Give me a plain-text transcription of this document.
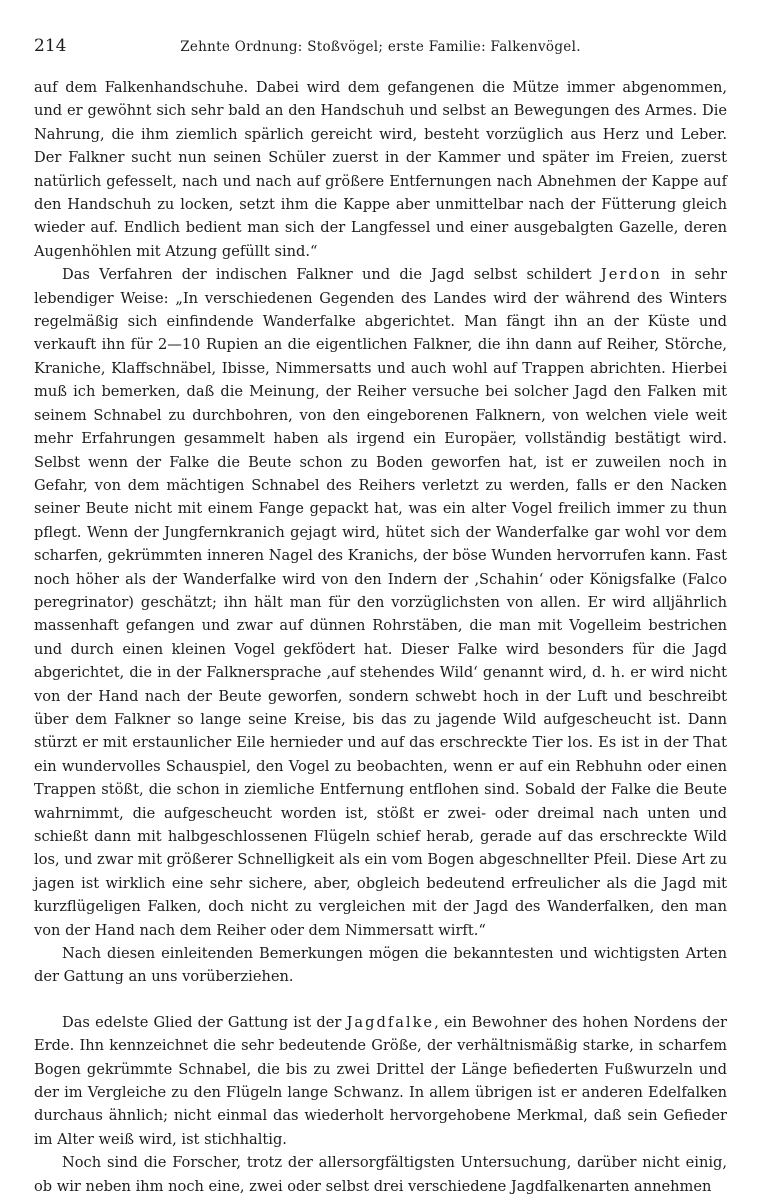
214	Zehnte Ordnung: Stoßvögel; erste Familie: Falkenvögel.

auf dem Falkenhandschuhe. Dabei wird dem gefangenen die Mütze immer abgenommen, und er gewöhnt sich sehr bald an den Handschuh und selbst an Bewegungen des Armes. Die Nahrung, die ihm ziemlich spärlich gereicht wird, besteht vorzüglich aus Herz und Leber. Der Falkner sucht nun seinen Schüler zuerst in der Kammer und später im Freien, zuerst natürlich gefesselt, nach und nach auf größere Entfernungen nach Abnehmen der Kappe auf den Handschuh zu locken, setzt ihm die Kappe aber unmittelbar nach der Fütterung gleich wieder auf. Endlich bedient man sich der Langfessel und einer ausgebalgten Gazelle, deren Augenhöhlen mit Atzung gefüllt sind.“

Das Verfahren der indischen Falkner und die Jagd selbst schildert Jerdon in sehr lebendiger Weise: „In verschiedenen Gegenden des Landes wird der während des Winters regelmäßig sich einfindende Wanderfalke abgerichtet. Man fängt ihn an der Küste und verkauft ihn für 2—10 Rupien an die eigentlichen Falkner, die ihn dann auf Reiher, Störche, Kraniche, Klaffschnäbel, Ibisse, Nimmersatts und auch wohl auf Trappen abrichten. Hierbei muß ich bemerken, daß die Meinung, der Reiher versuche bei solcher Jagd den Falken mit seinem Schnabel zu durchbohren, von den eingeborenen Falknern, von welchen viele weit mehr Erfahrungen gesammelt haben als irgend ein Europäer, vollständig bestätigt wird. Selbst wenn der Falke die Beute schon zu Boden geworfen hat, ist er zuweilen noch in Gefahr, von dem mächtigen Schnabel des Reihers verletzt zu werden, falls er den Nacken seiner Beute nicht mit einem Fange gepackt hat, was ein alter Vogel freilich immer zu thun pflegt. Wenn der Jungfernkranich gejagt wird, hütet sich der Wanderfalke gar wohl vor dem scharfen, gekrümmten inneren Nagel des Kranichs, der böse Wunden hervorrufen kann. Fast noch höher als der Wanderfalke wird von den Indern der ‚Schahin‘ oder Königsfalke (Falco peregrinator) geschätzt; ihn hält man für den vorzüglichsten von allen. Er wird alljährlich massenhaft gefangen und zwar auf dünnen Rohrstäben, die man mit Vogelleim bestrichen und durch einen kleinen Vogel gekfödert hat. Dieser Falke wird besonders für die Jagd abgerichtet, die in der Falknersprache ‚auf stehendes Wild‘ genannt wird, d. h. er wird nicht von der Hand nach der Beute geworfen, sondern schwebt hoch in der Luft und beschreibt über dem Falkner so lange seine Kreise, bis das zu jagende Wild aufgescheucht ist. Dann stürzt er mit erstaunlicher Eile hernieder und auf das erschreckte Tier los. Es ist in der That ein wundervolles Schauspiel, den Vogel zu beobachten, wenn er auf ein Rebhuhn oder einen Trappen stößt, die schon in ziemliche Entfernung entflohen sind. Sobald der Falke die Beute wahrnimmt, die aufgescheucht worden ist, stößt er zwei- oder dreimal nach unten und schießt dann mit halbgeschlossenen Flügeln schief herab, gerade auf das erschreckte Wild los, und zwar mit größerer Schnelligkeit als ein vom Bogen abgeschnellter Pfeil. Diese Art zu jagen ist wirklich eine sehr sichere, aber, obgleich bedeutend erfreulicher als die Jagd mit kurzflügeligen Falken, doch nicht zu vergleichen mit der Jagd des Wanderfalken, den man von der Hand nach dem Reiher oder dem Nimmersatt wirft.“

Nach diesen einleitenden Bemerkungen mögen die bekanntesten und wichtigsten Arten der Gattung an uns vorüberziehen.

Das edelste Glied der Gattung ist der Jagdfalke, ein Bewohner des hohen Nordens der Erde. Ihn kennzeichnet die sehr bedeutende Größe, der verhältnismäßig starke, in scharfem Bogen gekrümmte Schnabel, die bis zu zwei Drittel der Länge befiederten Fußwurzeln und der im Vergleiche zu den Flügeln lange Schwanz. In allem übrigen ist er anderen Edelfalken durchaus ähnlich; nicht einmal das wiederholt hervorgehobene Merkmal, daß sein Gefieder im Alter weiß wird, ist stichhaltig.

Noch sind die Forscher, trotz der allersorgfältigsten Untersuchung, darüber nicht einig, ob wir neben ihm noch eine, zwei oder selbst drei verschiedene Jagdfalkenarten annehmen
